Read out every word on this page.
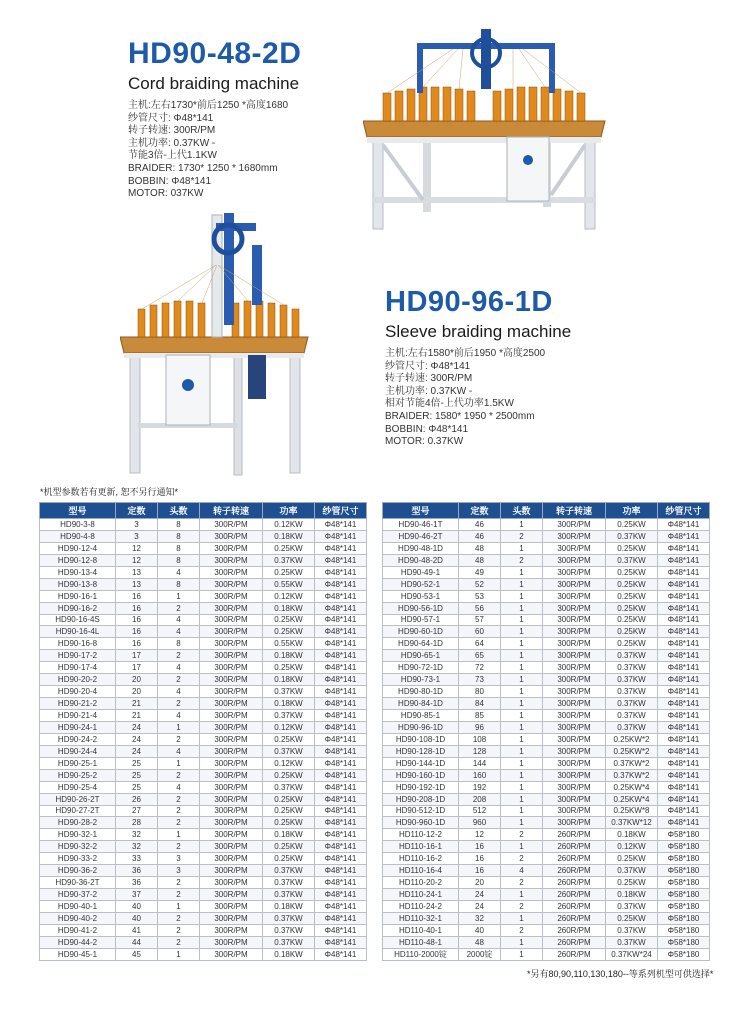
HD90-48-2D
Cord braiding machine
主机:左右1730*前后1250 *高度1680
纱管尺寸: Φ48*141
转子转速: 300R/PM
主机功率: 0.37KW -
节能3倍-上代1.1KW
BRAIDER: 1730* 1250 * 1680mm
BOBBIN: Φ48*141
MOTOR: 037KW
HD90-96-1D
Sleeve braiding machine
主机:左右1580*前后1950 *高度2500
纱管尺寸: Φ48*141
转子转速: 300R/PM
主机功率: 0.37KW -
相对节能4倍-上代功率1.5KW
BRAIDER: 1580* 1950 * 2500mm
BOBBIN: Φ48*141
MOTOR: 0.37KW
*机型参数若有更新, 恕不另行通知*
型号	定数	头数	转子转速	功率	纱管尺寸
HD90-3-8	3	8	300R/PM	0.12KW	Φ48*141
HD90-4-8	3	8	300R/PM	0.18KW	Φ48*141
HD90-12-4	12	8	300R/PM	0.25KW	Φ48*141
HD90-12-8	12	8	300R/PM	0.37KW	Φ48*141
HD90-13-4	13	4	300R/PM	0.25KW	Φ48*141
HD90-13-8	13	8	300R/PM	0.55KW	Φ48*141
HD90-16-1	16	1	300R/PM	0.12KW	Φ48*141
HD90-16-2	16	2	300R/PM	0.18KW	Φ48*141
HD90-16-4S	16	4	300R/PM	0.25KW	Φ48*141
HD90-16-4L	16	4	300R/PM	0.25KW	Φ48*141
HD90-16-8	16	8	300R/PM	0.55KW	Φ48*141
HD90-17-2	17	2	300R/PM	0.18KW	Φ48*141
HD90-17-4	17	4	300R/PM	0.25KW	Φ48*141
HD90-20-2	20	2	300R/PM	0.18KW	Φ48*141
HD90-20-4	20	4	300R/PM	0.37KW	Φ48*141
HD90-21-2	21	2	300R/PM	0.18KW	Φ48*141
HD90-21-4	21	4	300R/PM	0.37KW	Φ48*141
HD90-24-1	24	1	300R/PM	0.12KW	Φ48*141
HD90-24-2	24	2	300R/PM	0.25KW	Φ48*141
HD90-24-4	24	4	300R/PM	0.37KW	Φ48*141
HD90-25-1	25	1	300R/PM	0.12KW	Φ48*141
HD90-25-2	25	2	300R/PM	0.25KW	Φ48*141
HD90-25-4	25	4	300R/PM	0.37KW	Φ48*141
HD90-26-2T	26	2	300R/PM	0.25KW	Φ48*141
HD90-27-2T	27	2	300R/PM	0.25KW	Φ48*141
HD90-28-2	28	2	300R/PM	0.25KW	Φ48*141
HD90-32-1	32	1	300R/PM	0.18KW	Φ48*141
HD90-32-2	32	2	300R/PM	0.25KW	Φ48*141
HD90-33-2	33	3	300R/PM	0.25KW	Φ48*141
HD90-36-2	36	3	300R/PM	0.37KW	Φ48*141
HD90-36-2T	36	2	300R/PM	0.37KW	Φ48*141
HD90-37-2	37	2	300R/PM	0.37KW	Φ48*141
HD90-40-1	40	1	300R/PM	0.18KW	Φ48*141
HD90-40-2	40	2	300R/PM	0.37KW	Φ48*141
HD90-41-2	41	2	300R/PM	0.37KW	Φ48*141
HD90-44-2	44	2	300R/PM	0.37KW	Φ48*141
HD90-45-1	45	1	300R/PM	0.18KW	Φ48*141
型号	定数	头数	转子转速	功率	纱管尺寸
HD90-46-1T	46	1	300R/PM	0.25KW	Φ48*141
HD90-46-2T	46	2	300R/PM	0.37KW	Φ48*141
HD90-48-1D	48	1	300R/PM	0.25KW	Φ48*141
HD90-48-2D	48	2	300R/PM	0.37KW	Φ48*141
HD90-49-1	49	1	300R/PM	0.25KW	Φ48*141
HD90-52-1	52	1	300R/PM	0.25KW	Φ48*141
HD90-53-1	53	1	300R/PM	0.25KW	Φ48*141
HD90-56-1D	56	1	300R/PM	0.25KW	Φ48*141
HD90-57-1	57	1	300R/PM	0.25KW	Φ48*141
HD90-60-1D	60	1	300R/PM	0.25KW	Φ48*141
HD90-64-1D	64	1	300R/PM	0.25KW	Φ48*141
HD90-65-1	65	1	300R/PM	0.37KW	Φ48*141
HD90-72-1D	72	1	300R/PM	0.37KW	Φ48*141
HD90-73-1	73	1	300R/PM	0.37KW	Φ48*141
HD90-80-1D	80	1	300R/PM	0.37KW	Φ48*141
HD90-84-1D	84	1	300R/PM	0.37KW	Φ48*141
HD90-85-1	85	1	300R/PM	0.37KW	Φ48*141
HD90-96-1D	96	1	300R/PM	0.37KW	Φ48*141
HD90-108-1D	108	1	300R/PM	0.25KW*2	Φ48*141
HD90-128-1D	128	1	300R/PM	0.25KW*2	Φ48*141
HD90-144-1D	144	1	300R/PM	0.37KW*2	Φ48*141
HD90-160-1D	160	1	300R/PM	0.37KW*2	Φ48*141
HD90-192-1D	192	1	300R/PM	0.25KW*4	Φ48*141
HD90-208-1D	208	1	300R/PM	0.25KW*4	Φ48*141
HD90-512-1D	512	1	300R/PM	0.25KW*8	Φ48*141
HD90-960-1D	960	1	300R/PM	0.37KW*12	Φ48*141
HD110-12-2	12	2	260R/PM	0.18KW	Φ58*180
HD110-16-1	16	1	260R/PM	0.12KW	Φ58*180
HD110-16-2	16	2	260R/PM	0.25KW	Φ58*180
HD110-16-4	16	4	260R/PM	0.37KW	Φ58*180
HD110-20-2	20	2	260R/PM	0.25KW	Φ58*180
HD110-24-1	24	1	260R/PM	0.18KW	Φ58*180
HD110-24-2	24	2	260R/PM	0.37KW	Φ58*180
HD110-32-1	32	1	260R/PM	0.25KW	Φ58*180
HD110-40-1	40	2	260R/PM	0.37KW	Φ58*180
HD110-48-1	48	1	260R/PM	0.37KW	Φ58*180
HD110-2000锭	2000锭	1	260R/PM	0.37KW*24	Φ58*180
*另有80,90,110,130,180--等系列机型可供选择*
